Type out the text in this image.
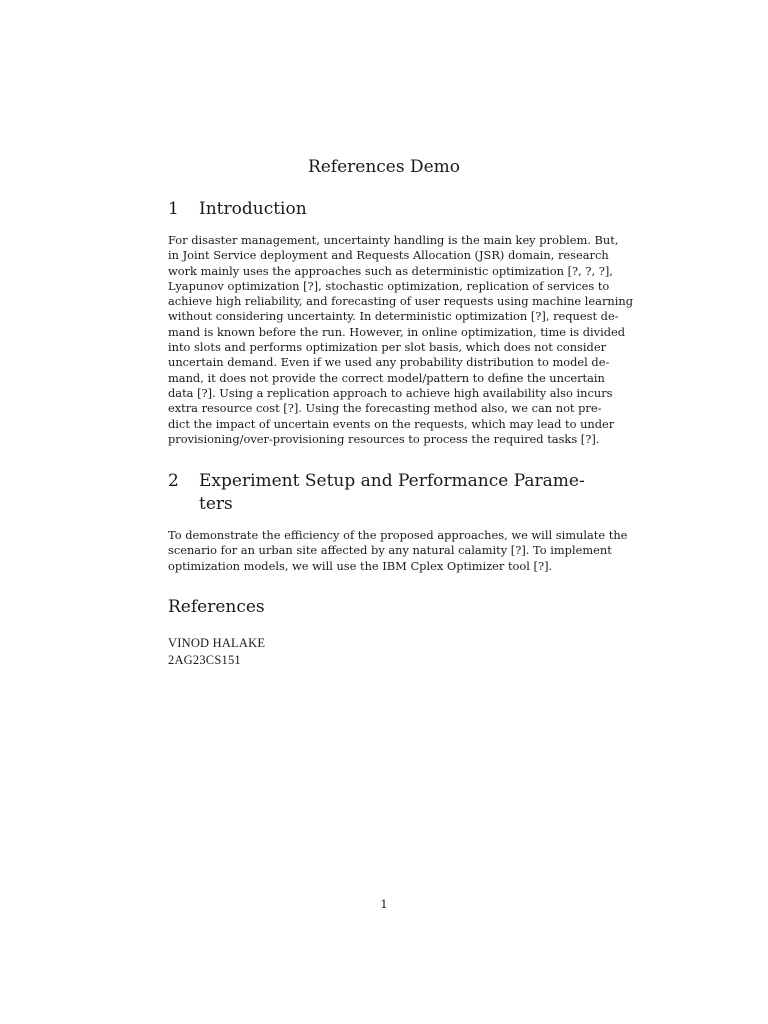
References Demo
1	Introduction
For disaster management, uncertainty handling is the main key problem. But,
in Joint Service deployment and Requests Allocation (JSR) domain, research
work mainly uses the approaches such as deterministic optimization [?, ?, ?],
Lyapunov optimization [?], stochastic optimization, replication of services to
achieve high reliability, and forecasting of user requests using machine learning
without considering uncertainty. In deterministic optimization [?], request de-
mand is known before the run. However, in online optimization, time is divided
into slots and performs optimization per slot basis, which does not consider
uncertain demand. Even if we used any probability distribution to model de-
mand, it does not provide the correct model/pattern to define the uncertain
data [?]. Using a replication approach to achieve high availability also incurs
extra resource cost [?]. Using the forecasting method also, we can not pre-
dict the impact of uncertain events on the requests, which may lead to under
provisioning/over-provisioning resources to process the required tasks [?].
2	Experiment Setup and Performance Parame-
ters
To demonstrate the efficiency of the proposed approaches, we will simulate the
scenario for an urban site affected by any natural calamity [?]. To implement
optimization models, we will use the IBM Cplex Optimizer tool [?].
References
VINOD HALAKE
2AG23CS151
1
